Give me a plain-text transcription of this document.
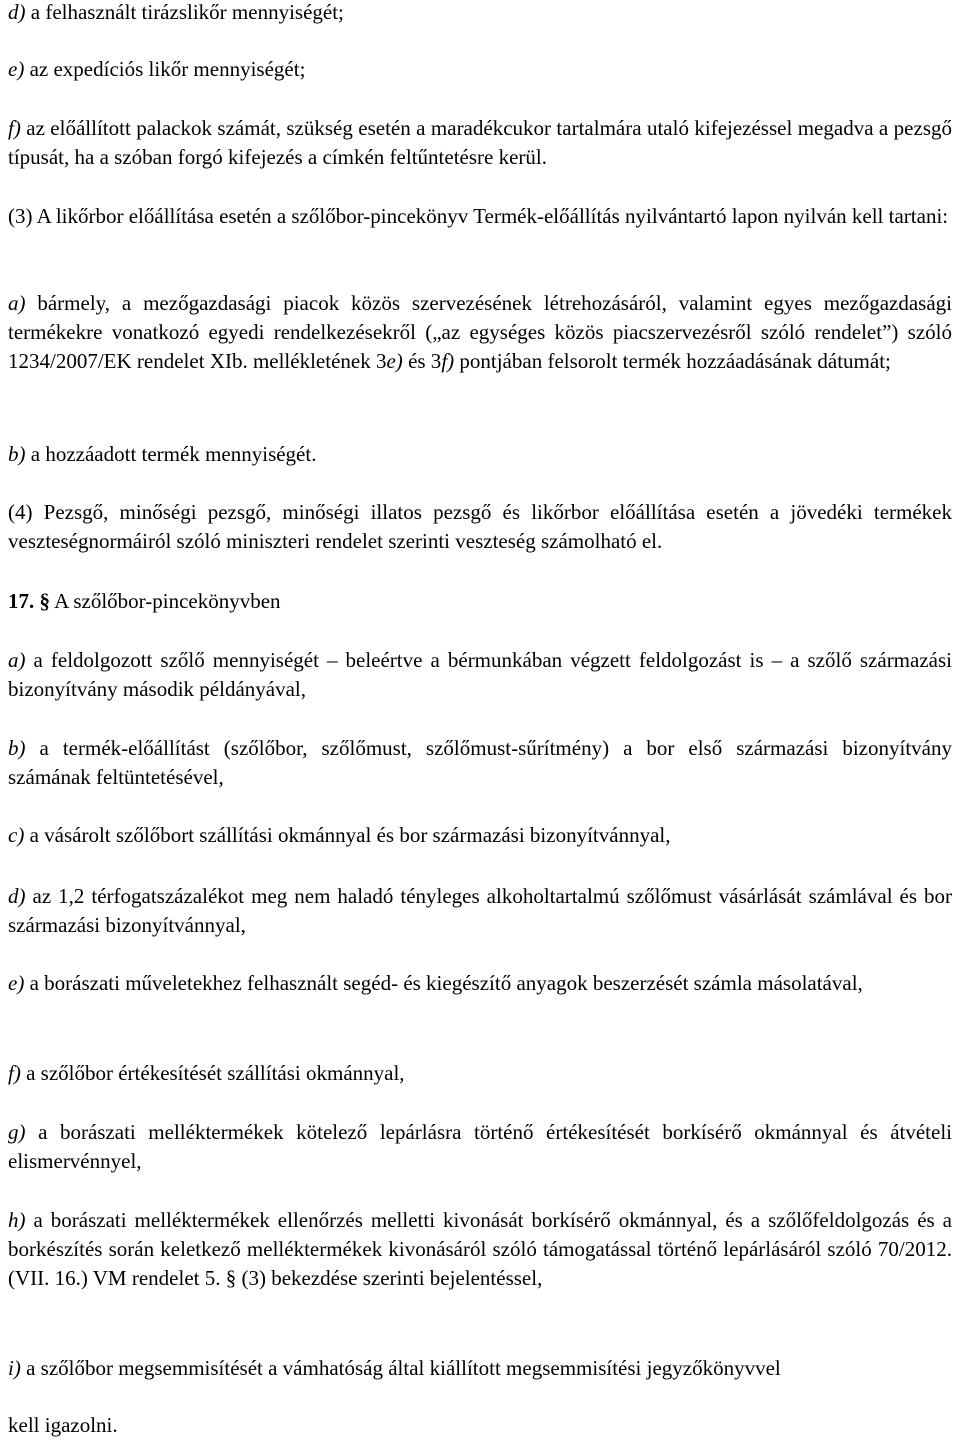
d) a felhasznált tirázslikőr mennyiségét;

e) az expedíciós likőr mennyiségét;

f) az előállított palackok számát, szükség esetén a maradékcukor tartalmára utaló kifejezéssel megadva a pezsgő típusát, ha a szóban forgó kifejezés a címkén feltűntetésre kerül.

(3) A likőrbor előállítása esetén a szőlőbor-pincekönyv Termék-előállítás nyilvántartó lapon nyilván kell tartani:

a) bármely, a mezőgazdasági piacok közös szervezésének létrehozásáról, valamint egyes mezőgazdasági termékekre vonatkozó egyedi rendelkezésekről („az egységes közös piacszervezésről szóló rendelet”) szóló 1234/2007/EK rendelet XIb. mellékletének 3e) és 3f) pontjában felsorolt termék hozzáadásának dátumát;

b) a hozzáadott termék mennyiségét.

(4) Pezsgő, minőségi pezsgő, minőségi illatos pezsgő és likőrbor előállítása esetén a jövedéki termékek veszteségnormáiról szóló miniszteri rendelet szerinti veszteség számolható el.

17. § A szőlőbor-pincekönyvben

a) a feldolgozott szőlő mennyiségét – beleértve a bérmunkában végzett feldolgozást is – a szőlő származási bizonyítvány második példányával,

b) a termék-előállítást (szőlőbor, szőlőmust, szőlőmust-sűrítmény) a bor első származási bizonyítvány számának feltüntetésével,

c) a vásárolt szőlőbort szállítási okmánnyal és bor származási bizonyítvánnyal,

d) az 1,2 térfogatszázalékot meg nem haladó tényleges alkoholtartalmú szőlőmust vásárlását számlával és bor származási bizonyítvánnyal,

e) a borászati műveletekhez felhasznált segéd- és kiegészítő anyagok beszerzését számla másolatával,

f) a szőlőbor értékesítését szállítási okmánnyal,

g) a borászati melléktermékek kötelező lepárlásra történő értékesítését borkísérő okmánnyal és átvételi elismervénnyel,

h) a borászati melléktermékek ellenőrzés melletti kivonását borkísérő okmánnyal, és a szőlőfeldolgozás és a borkészítés során keletkező melléktermékek kivonásáról szóló támogatással történő lepárlásáról szóló 70/2012. (VII. 16.) VM rendelet 5. § (3) bekezdése szerinti bejelentéssel,

i) a szőlőbor megsemmisítését a vámhatóság által kiállított megsemmisítési jegyzőkönyvvel

kell igazolni.
